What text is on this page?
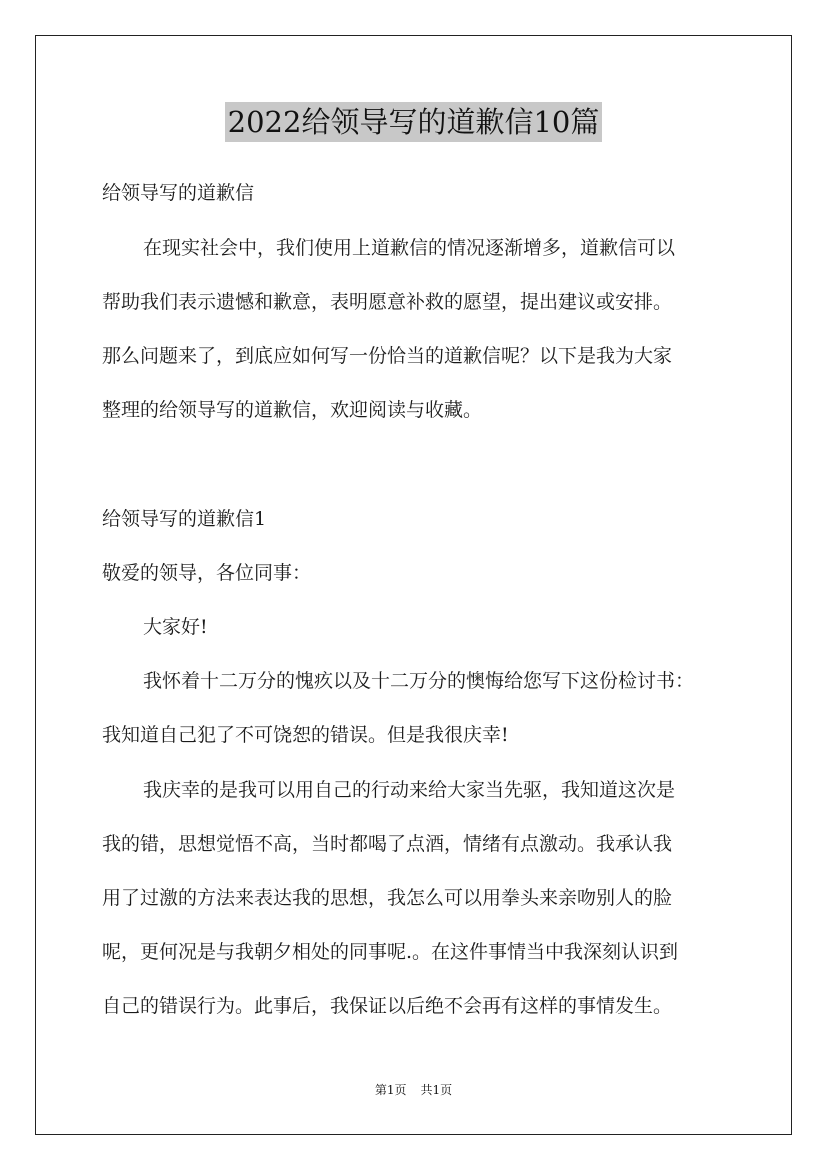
2022给领导写的道歉信10篇
给领导写的道歉信
在现实社会中，我们使用上道歉信的情况逐渐增多，道歉信可以
帮助我们表示遗憾和歉意，表明愿意补救的愿望，提出建议或安排。
那么问题来了，到底应如何写一份恰当的道歉信呢？以下是我为大家
整理的给领导写的道歉信，欢迎阅读与收藏。
给领导写的道歉信1
敬爱的领导，各位同事：
大家好!
我怀着十二万分的愧疚以及十二万分的懊悔给您写下这份检讨书：
我知道自己犯了不可饶恕的错误。但是我很庆幸!
我庆幸的是我可以用自己的行动来给大家当先驱，我知道这次是
我的错，思想觉悟不高，当时都喝了点酒，情绪有点激动。我承认我
用了过激的方法来表达我的思想，我怎么可以用拳头来亲吻别人的脸
呢，更何况是与我朝夕相处的同事呢.。在这件事情当中我深刻认识到
自己的错误行为。此事后，我保证以后绝不会再有这样的事情发生。
第1页 共1页
